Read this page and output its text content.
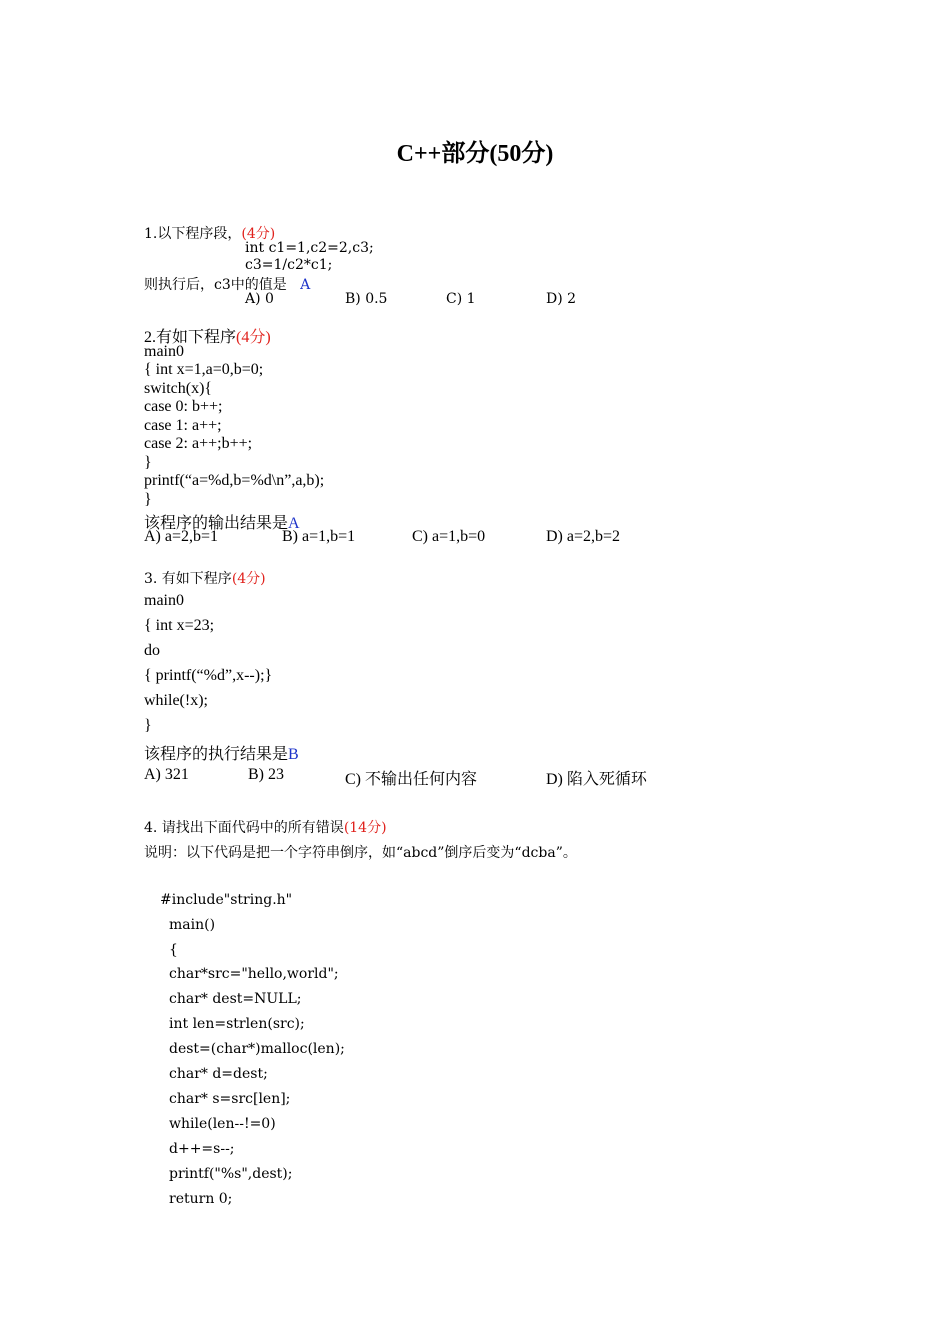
C++部分(50分)
1.以下程序段，(4分)
int c1=1,c2=2,c3;
c3=1/c2*c1;
则执行后，c3中的值是 A
A) 0	B) 0.5	C) 1	D) 2
2.有如下程序(4分)
main0
{ int x=1,a=0,b=0;
switch(x){
case 0: b++;
case 1: a++;
case 2: a++;b++;
}
printf(“a=%d,b=%d\n”,a,b);
}
该程序的输出结果是A
A) a=2,b=1	B) a=1,b=1	C) a=1,b=0	D) a=2,b=2
3. 有如下程序(4分)
main0
{ int x=23;
do
{ printf(“%d”,x--);}
while(!x);
}
该程序的执行结果是B
A) 321	B) 23	C) 不输出任何内容	D) 陷入死循环
4. 请找出下面代码中的所有错误(14分)
说明：以下代码是把一个字符串倒序，如“abcd”倒序后变为“dcba”。
#include"string.h"
main()
{
char*src="hello,world";
char* dest=NULL;
int len=strlen(src);
dest=(char*)malloc(len);
char* d=dest;
char* s=src[len];
while(len--!=0)
d++=s--;
printf("%s",dest);
return 0;
